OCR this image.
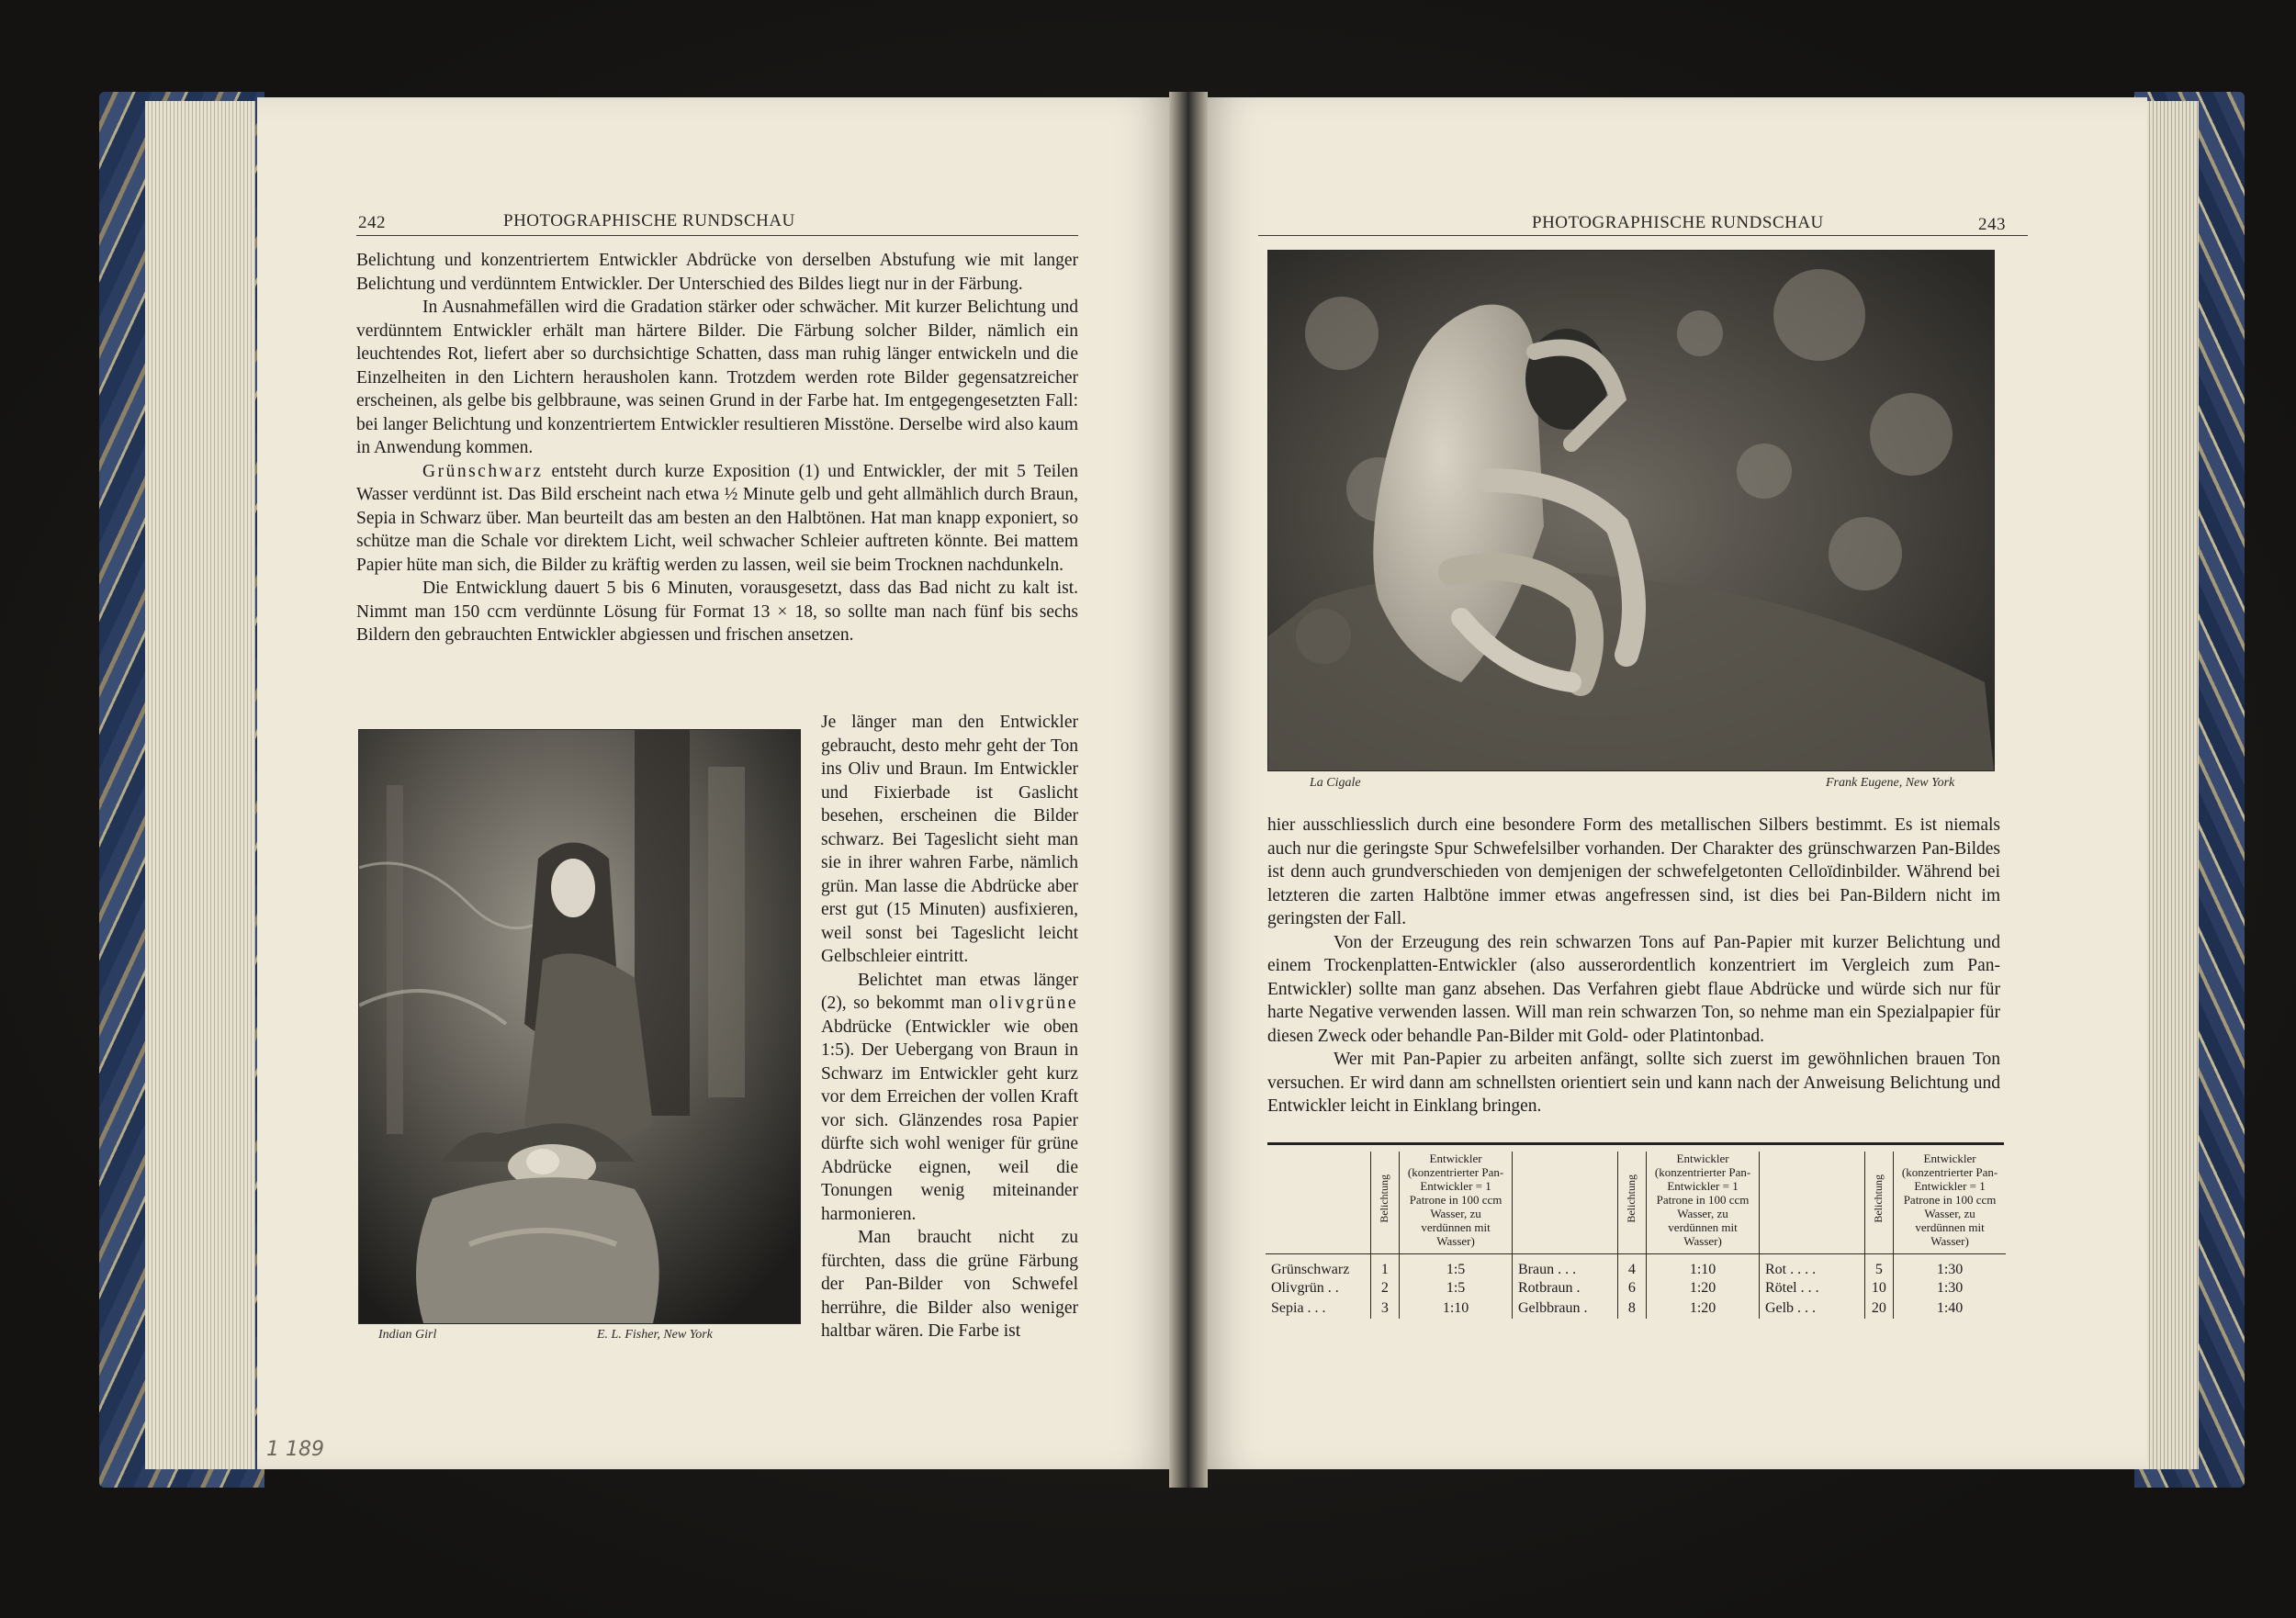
242	PHOTOGRAPHISCHE RUNDSCHAU

Belichtung und konzentriertem Entwickler Abdrücke von derselben Abstufung wie mit langer Belichtung und verdünntem Entwickler. Der Unterschied des Bildes liegt nur in der Färbung.

In Ausnahmefällen wird die Gradation stärker oder schwächer. Mit kurzer Belichtung und verdünntem Entwickler erhält man härtere Bilder. Die Färbung solcher Bilder, nämlich ein leuchtendes Rot, liefert aber so durchsichtige Schatten, dass man ruhig länger entwickeln und die Einzelheiten in den Lichtern herausholen kann. Trotzdem werden rote Bilder gegensatzreicher erscheinen, als gelbe bis gelbbraune, was seinen Grund in der Farbe hat. Im entgegengesetzten Fall: bei langer Belichtung und konzentriertem Entwickler resultieren Misstöne. Derselbe wird also kaum in Anwendung kommen.

Grünschwarz entsteht durch kurze Exposition (1) und Entwickler, der mit 5 Teilen Wasser verdünnt ist. Das Bild erscheint nach etwa ½ Minute gelb und geht allmählich durch Braun, Sepia in Schwarz über. Man beurteilt das am besten an den Halbtönen. Hat man knapp exponiert, so schütze man die Schale vor direktem Licht, weil schwacher Schleier auftreten könnte. Bei mattem Papier hüte man sich, die Bilder zu kräftig werden zu lassen, weil sie beim Trocknen nachdunkeln.

Die Entwicklung dauert 5 bis 6 Minuten, vorausgesetzt, dass das Bad nicht zu kalt ist. Nimmt man 150 ccm verdünnte Lösung für Format 13 × 18, so sollte man nach fünf bis sechs Bildern den gebrauchten Entwickler abgiessen und frischen ansetzen.

Indian Girl	E. L. Fisher, New York

Je länger man den Entwickler gebraucht, desto mehr geht der Ton ins Oliv und Braun. Im Entwickler und Fixierbade ist Gaslicht besehen, erscheinen die Bilder schwarz. Bei Tageslicht sieht man sie in ihrer wahren Farbe, nämlich grün. Man lasse die Abdrücke aber erst gut (15 Minuten) ausfixieren, weil sonst bei Tageslicht leicht Gelbschleier eintritt.

Belichtet man etwas länger (2), so bekommt man olivgrüne Abdrücke (Entwickler wie oben 1:5). Der Uebergang von Braun in Schwarz im Entwickler geht kurz vor dem Erreichen der vollen Kraft vor sich. Glänzendes rosa Papier dürfte sich wohl weniger für grüne Abdrücke eignen, weil die Tonungen wenig miteinander harmonieren.

Man braucht nicht zu fürchten, dass die grüne Färbung der Pan-Bilder von Schwefel herrühre, die Bilder also weniger haltbar wären. Die Farbe ist

1 189
PHOTOGRAPHISCHE RUNDSCHAU	243
La Cigale	Frank Eugene, New York

hier ausschliesslich durch eine besondere Form des metallischen Silbers bestimmt. Es ist niemals auch nur die geringste Spur Schwefelsilber vorhanden. Der Charakter des grünschwarzen Pan-Bildes ist denn auch grundverschieden von demjenigen der schwefelgetonten Celloïdinbilder. Während bei letzteren die zarten Halbtöne immer etwas angefressen sind, ist dies bei Pan-Bildern nicht im geringsten der Fall.

Von der Erzeugung des rein schwarzen Tons auf Pan-Papier mit kurzer Belichtung und einem Trockenplatten-Entwickler (also ausserordentlich konzentriert im Vergleich zum Pan-Entwickler) sollte man ganz absehen. Das Verfahren giebt flaue Abdrücke und würde sich nur für harte Negative verwenden lassen. Will man rein schwarzen Ton, so nehme man ein Spezialpapier für diesen Zweck oder behandle Pan-Bilder mit Gold- oder Platintonbad.

Wer mit Pan-Papier zu arbeiten anfängt, sollte sich zuerst im gewöhnlichen brauen Ton versuchen. Er wird dann am schnellsten orientiert sein und kann nach der Anweisung Belichtung und Entwickler leicht in Einklang bringen.

	Belichtung	Entwickler (konzentrierter Pan-Entwickler = 1 Patrone in 100 ccm Wasser, zu verdünnen mit Wasser)		Belichtung	Entwickler (konzentrierter Pan-Entwickler = 1 Patrone in 100 ccm Wasser, zu verdünnen mit Wasser)		Belichtung	Entwickler (konzentrierter Pan-Entwickler = 1 Patrone in 100 ccm Wasser, zu verdünnen mit Wasser)
Grünschwarz	1	1:5	Braun . . .	4	1:10	Rot . . . .	5	1:30
Olivgrün . .	2	1:5	Rotbraun .	6	1:20	Rötel . . .	10	1:30
Sepia . . .	3	1:10	Gelbbraun .	8	1:20	Gelb . . .	20	1:40
